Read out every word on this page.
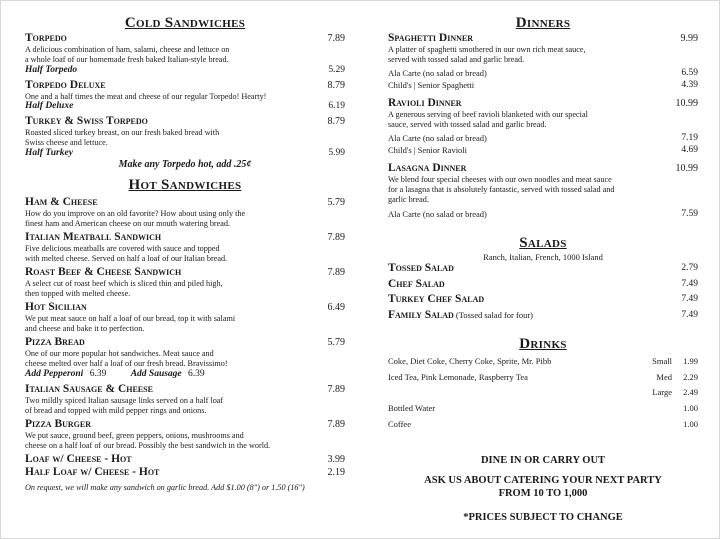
Cold Sandwiches
Torpedo	7.89
A delicious combination of ham, salami, cheese and lettuce on
a whole loaf of our homemade fresh baked Italian-style bread.
Half Torpedo	5.29
Torpedo Deluxe	8.79
One and a half times the meat and cheese of our regular Torpedo! Hearty!
Half Deluxe	6.19
Turkey & Swiss Torpedo	8.79
Roasted sliced turkey breast, on our fresh baked bread with
Swiss cheese and lettuce.
Half Turkey	5.99
Make any Torpedo hot, add .25¢
Hot Sandwiches
Ham & Cheese	5.79
How do you improve on an old favorite? How about using only the
finest ham and American cheese on our mouth watering bread.
Italian Meatball Sandwich	7.89
Five delicious meatballs are covered with sauce and topped
with melted cheese. Served on half a loaf of our Italian bread.
Roast Beef & Cheese Sandwich	7.89
A select cut of roast beef which is sliced thin and piled high,
then topped with melted cheese.
Hot Sicilian	6.49
We put meat sauce on half a loaf of our bread, top it with salami
and cheese and bake it to perfection.
Pizza Bread	5.79
One of our more popular hot sandwiches. Meat sauce and
cheese melted over half a loaf of our fresh bread. Bravissimo!
Add Pepperoni 6.39	Add Sausage 6.39
Italian Sausage & Cheese	7.89
Two mildly spiced Italian sausage links served on a half loaf
of bread and topped with mild pepper rings and onions.
Pizza Burger	7.89
We put sauce, ground beef, green peppers, onions, mushrooms and
cheese on a half loaf of our bread. Possibly the best sandwich in the world.
Loaf w/ Cheese - Hot	3.99
Half Loaf w/ Cheese - Hot	2.19
On request, we will make any sandwich on garlic bread. Add $1.00 (8") or 1.50 (16")
Dinners
Spaghetti Dinner	9.99
A platter of spaghetti smothered in our own rich meat sauce,
served with tossed salad and garlic bread.
Ala Carte (no salad or bread)	6.59
Child's | Senior Spaghetti	4.39
Ravioli Dinner	10.99
A generous serving of beef ravioli blanketed with our special
sauce, served with tossed salad and garlic bread.
Ala Carte (no salad or bread)	7.19
Child's | Senior Ravioli	4.69
Lasagna Dinner	10.99
We blend four special cheeses with our own noodles and meat sauce
for a lasagna that is absolutely fantastic, served with tossed salad and
garlic bread.
Ala Carte (no salad or bread)	7.59
Salads
Ranch, Italian, French, 1000 Island
Tossed Salad	2.79
Chef Salad	7.49
Turkey Chef Salad	7.49
Family Salad (Tossed salad for four)	7.49
Drinks
Coke, Diet Coke, Cherry Coke, Sprite, Mr. Pibb	Small 1.99
Iced Tea, Pink Lemonade, Raspberry Tea	Med 2.29
Large 2.49
Bottled Water	1.00
Coffee	1.00
DINE IN OR CARRY OUT
ASK US ABOUT CATERING YOUR NEXT PARTY
FROM 10 TO 1,000
*PRICES SUBJECT TO CHANGE
